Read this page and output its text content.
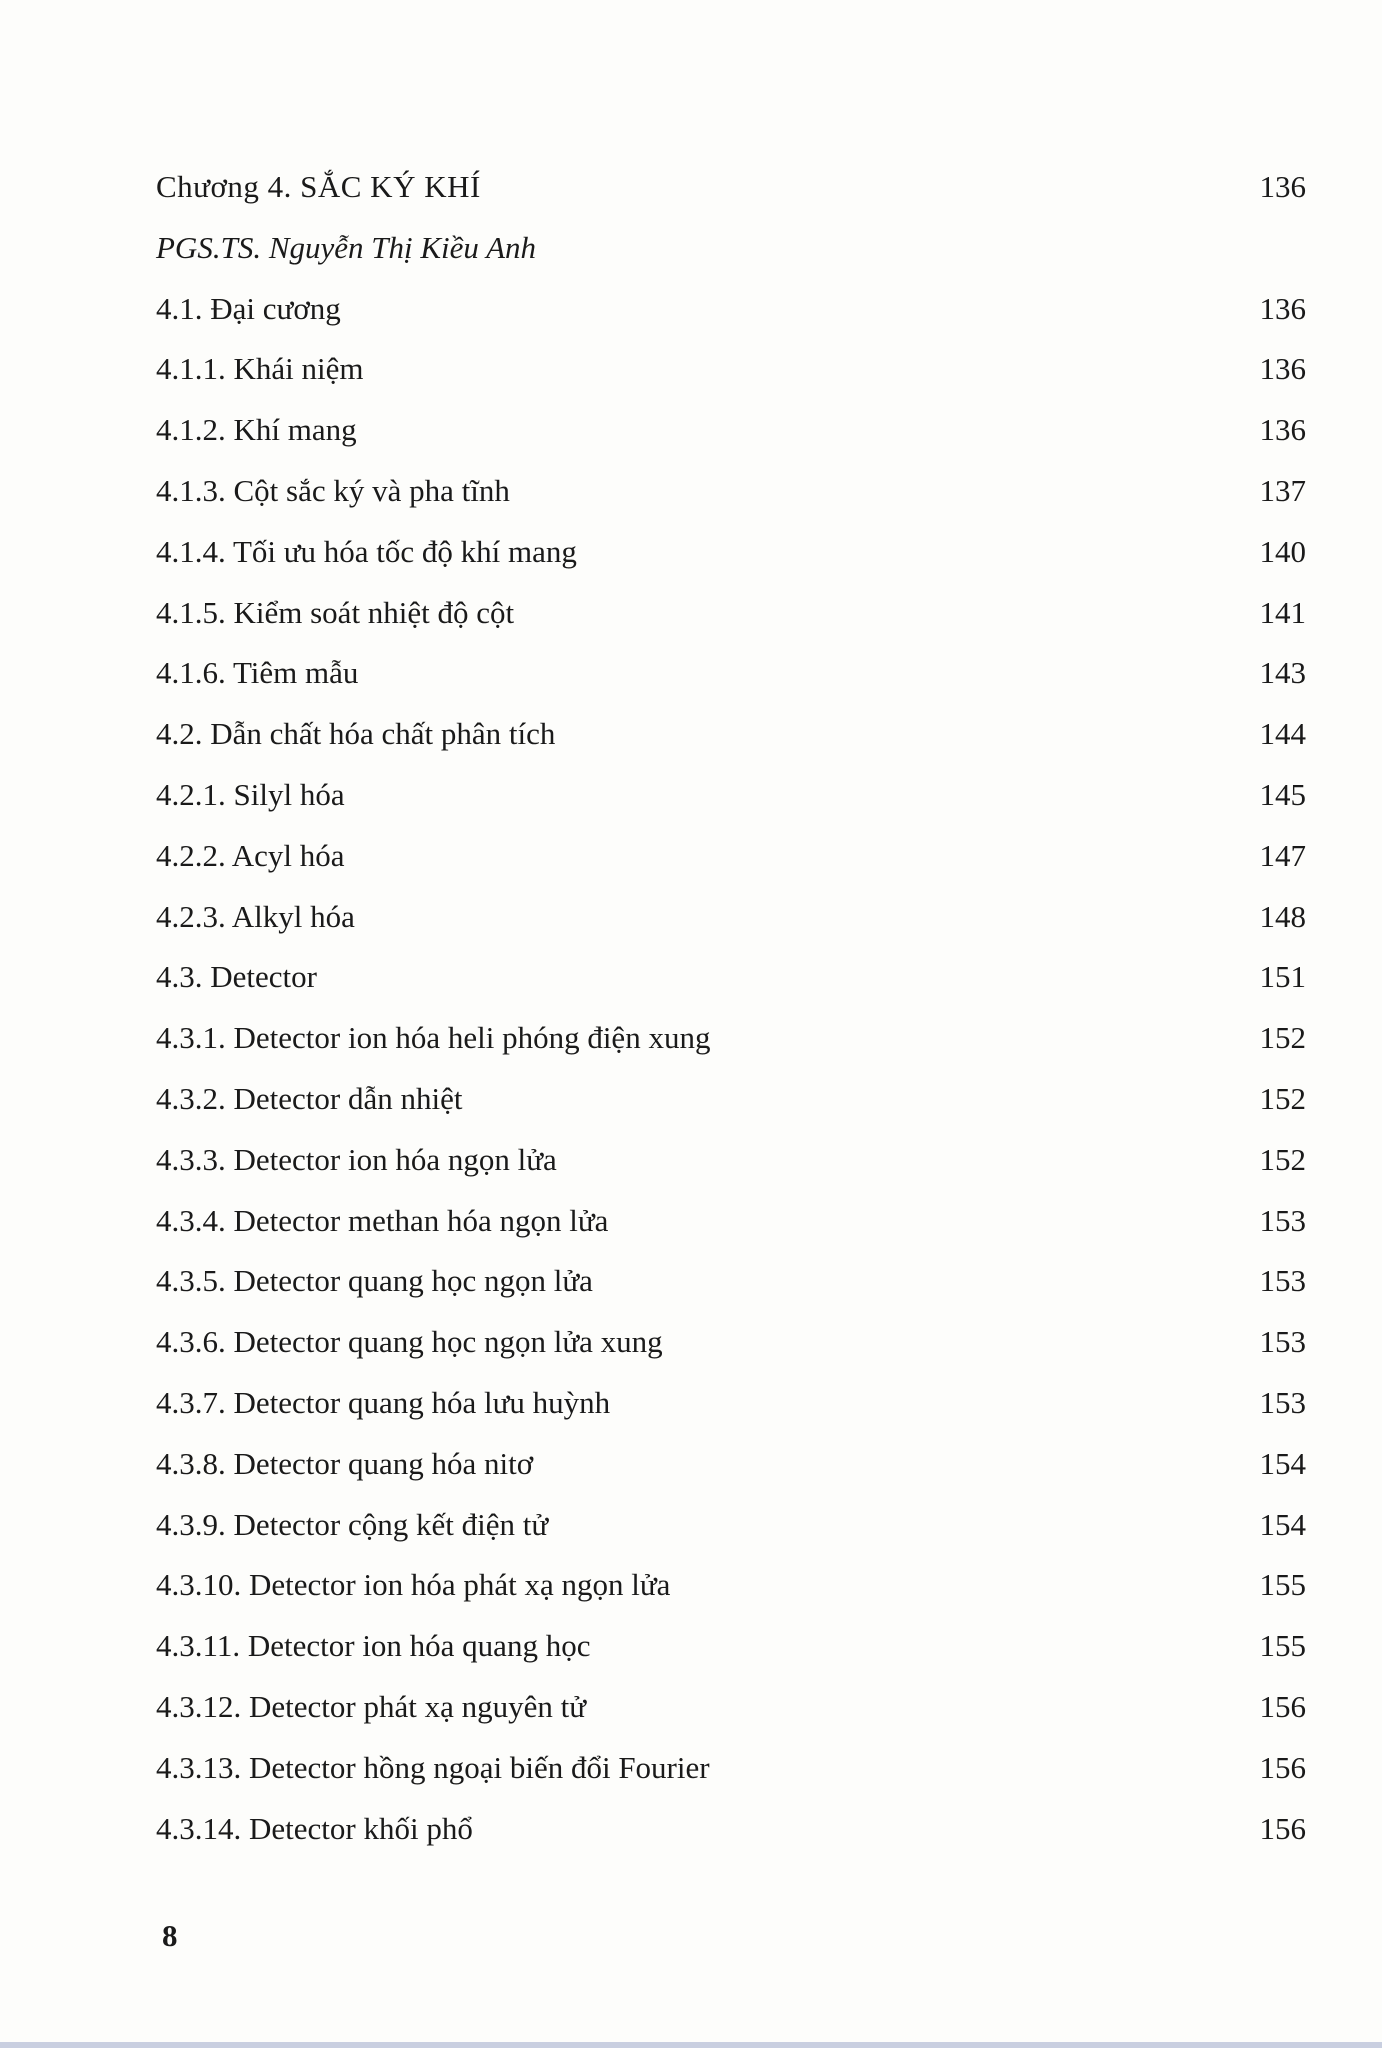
Chương 4. SẮC KÝ KHÍ	136
PGS.TS. Nguyễn Thị Kiều Anh
4.1. Đại cương	136
4.1.1. Khái niệm	136
4.1.2. Khí mang	136
4.1.3. Cột sắc ký và pha tĩnh	137
4.1.4. Tối ưu hóa tốc độ khí mang	140
4.1.5. Kiểm soát nhiệt độ cột	141
4.1.6. Tiêm mẫu	143
4.2. Dẫn chất hóa chất phân tích	144
4.2.1. Silyl hóa	145
4.2.2. Acyl hóa	147
4.2.3. Alkyl hóa	148
4.3. Detector	151
4.3.1. Detector ion hóa heli phóng điện xung	152
4.3.2. Detector dẫn nhiệt	152
4.3.3. Detector ion hóa ngọn lửa	152
4.3.4. Detector methan hóa ngọn lửa	153
4.3.5. Detector quang học ngọn lửa	153
4.3.6. Detector quang học ngọn lửa xung	153
4.3.7. Detector quang hóa lưu huỳnh	153
4.3.8. Detector quang hóa nitơ	154
4.3.9. Detector cộng kết điện tử	154
4.3.10. Detector ion hóa phát xạ ngọn lửa	155
4.3.11. Detector ion hóa quang học	155
4.3.12. Detector phát xạ nguyên tử	156
4.3.13. Detector hồng ngoại biến đổi Fourier	156
4.3.14. Detector khối phổ	156
8
